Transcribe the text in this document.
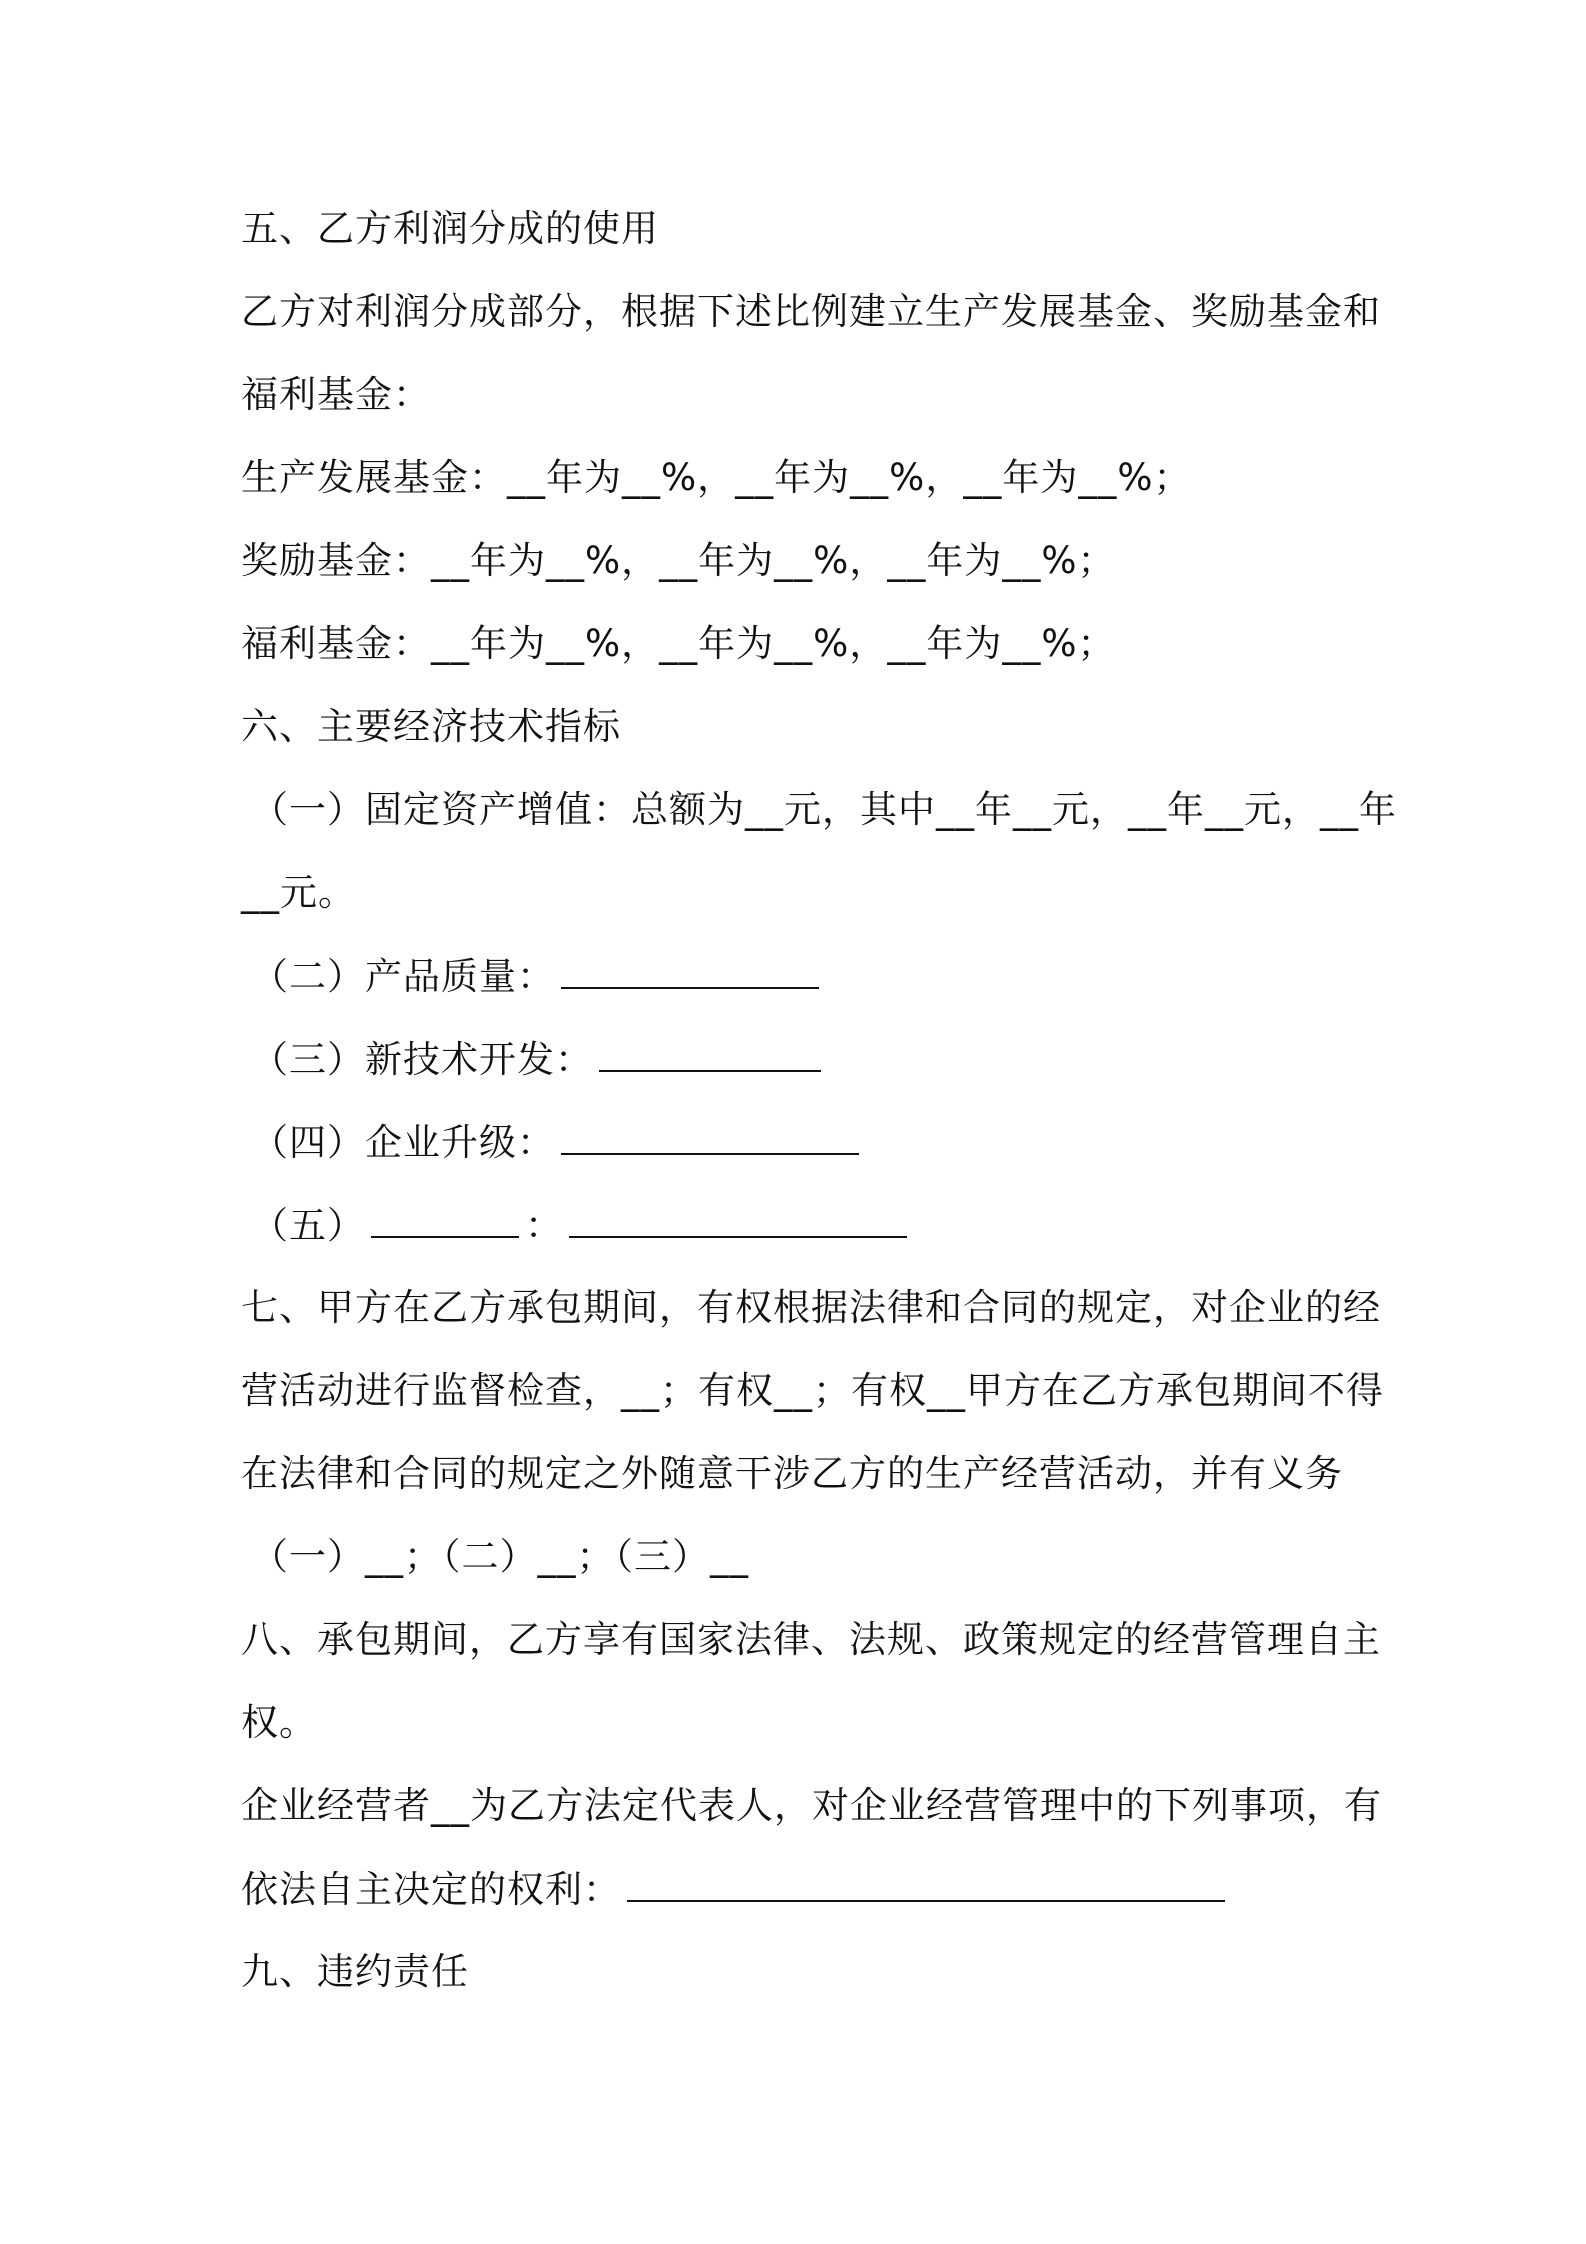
五、乙方利润分成的使用
乙方对利润分成部分，根据下述比例建立生产发展基金、奖励基金和
福利基金：
生产发展基金：__年为__%，__年为__%，__年为__%；
奖励基金：__年为__%，__年为__%，__年为__%；
福利基金：__年为__%，__年为__%，__年为__%；
六、主要经济技术指标
（一）固定资产增值：总额为__元，其中__年__元，__年__元，__年
__元。
（二）产品质量：
（三）新技术开发：
（四）企业升级：
（五）	：
七、甲方在乙方承包期间，有权根据法律和合同的规定，对企业的经
营活动进行监督检查，__；有权__；有权__甲方在乙方承包期间不得
在法律和合同的规定之外随意干涉乙方的生产经营活动，并有义务
（一）__；（二）__；（三）__
八、承包期间，乙方享有国家法律、法规、政策规定的经营管理自主
权。
企业经营者__为乙方法定代表人，对企业经营管理中的下列事项，有
依法自主决定的权利：
九、违约责任
